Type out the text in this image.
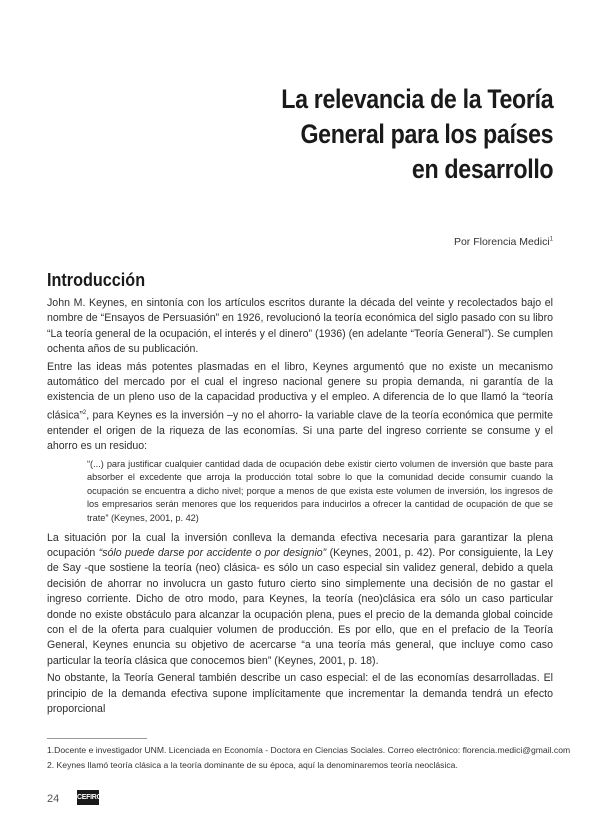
La relevancia de la Teoría
General para los países
en desarrollo
Por Florencia Medici$^1$
Introducción

John M. Keynes, en sintonía con los artículos escritos durante la década del veinte y recolectados bajo el nombre de “Ensayos de Persuasión” en 1926, revolucionó la teoría económica del siglo pasado con su libro “La teoría general de la ocupación, el interés y el dinero” (1936) (en adelante “Teoría General”). Se cumplen ochenta años de su publicación.

Entre las ideas más potentes plasmadas en el libro, Keynes argumentó que no existe un mecanismo automático del mercado por el cual el ingreso nacional genere su propia demanda, ni garantía de la existencia de un pleno uso de la capacidad productiva y el empleo. A diferencia de lo que llamó la “teoría clásica”$^2$, para Keynes es la inversión –y no el ahorro- la variable clave de la teoría económica que permite entender el origen de la riqueza de las economías. Si una parte del ingreso corriente se consume y el ahorro es un residuo:

“(...) para justificar cualquier cantidad dada de ocupación debe existir cierto volumen de inversión que baste para absorber el excedente que arroja la producción total sobre lo que la comunidad decide consumir cuando la ocupación se encuentra a dicho nivel; porque a menos de que exista este volumen de inversión, los ingresos de los empresarios serán menores que los requeridos para inducirlos a ofrecer la cantidad de ocupación de que se trate” (Keynes, 2001, p. 42)

La situación por la cual la inversión conlleva la demanda efectiva necesaria para garantizar la plena ocupación “sólo puede darse por accidente o por designio” (Keynes, 2001, p. 42). Por consiguiente, la Ley de Say -que sostiene la teoría (neo) clásica- es sólo un caso especial sin validez general, debido a quela decisión de ahorrar no involucra un gasto futuro cierto sino simplemente una decisión de no gastar el ingreso corriente. Dicho de otro modo, para Keynes, la teoría (neo)clásica era sólo un caso particular donde no existe obstáculo para alcanzar la ocupación plena, pues el precio de la demanda global coincide con el de la oferta para cualquier volumen de producción. Es por ello, que en el prefacio de la Teoría General, Keynes enuncia su objetivo de acercarse “a una teoría más general, que incluye como caso particular la teoría clásica que conocemos bien” (Keynes, 2001, p. 18).

No obstante, la Teoría General también describe un caso especial: el de las economías desarrolladas. El principio de la demanda efectiva supone implícitamente que incrementar la demanda tendrá un efecto proporcional

1.Docente e investigador UNM. Licenciada en Economía - Doctora en Ciencias Sociales. Correo electrónico: florencia.medici@gmail.com
2. Keynes llamó teoría clásica a la teoría dominante de su época, aquí la denominaremos teoría neoclásica.
24	CEFIRO
